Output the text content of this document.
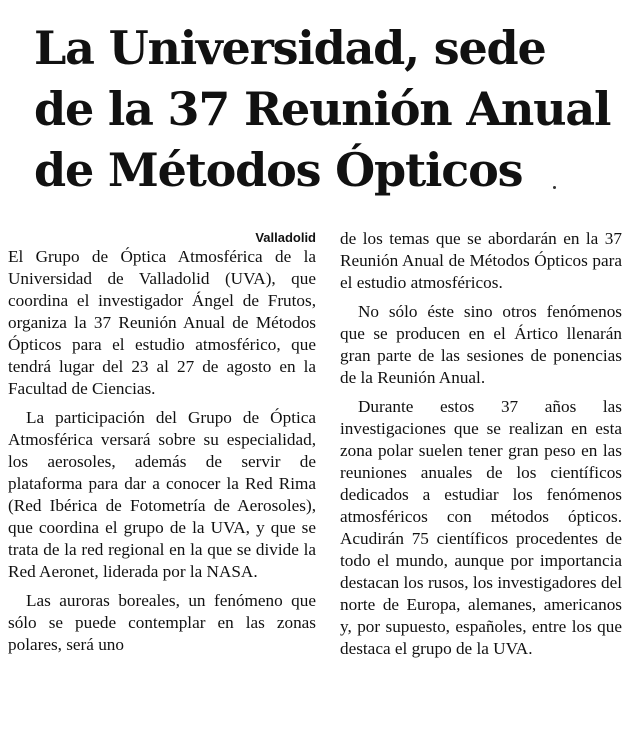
La Universidad, sede
de la 37 Reunión Anual
de Métodos Ópticos
Valladolid

El Grupo de Óptica Atmosférica de la Universidad de Valladolid (UVA), que coordina el investigador Ángel de Frutos, organiza la 37 Reunión Anual de Métodos Ópticos para el estudio atmosférico, que tendrá lugar del 23 al 27 de agosto en la Facultad de Ciencias.

La participación del Grupo de Óptica Atmosférica versará sobre su especialidad, los aerosoles, además de servir de plataforma para dar a conocer la Red Rima (Red Ibérica de Fotometría de Aerosoles), que coordina el grupo de la UVA, y que se trata de la red regional en la que se divide la Red Aeronet, liderada por la NASA.

Las auroras boreales, un fenómeno que sólo se puede contemplar en las zonas polares, será uno

de los temas que se abordarán en la 37 Reunión Anual de Métodos Ópticos para el estudio atmosféricos.

No sólo éste sino otros fenómenos que se producen en el Ártico llenarán gran parte de las sesiones de ponencias de la Reunión Anual.

Durante estos 37 años las investigaciones que se realizan en esta zona polar suelen tener gran peso en las reuniones anuales de los científicos dedicados a estudiar los fenómenos atmosféricos con métodos ópticos. Acudirán 75 científicos procedentes de todo el mundo, aunque por importancia destacan los rusos, los investigadores del norte de Europa, alemanes, americanos y, por supuesto, españoles, entre los que destaca el grupo de la UVA.
